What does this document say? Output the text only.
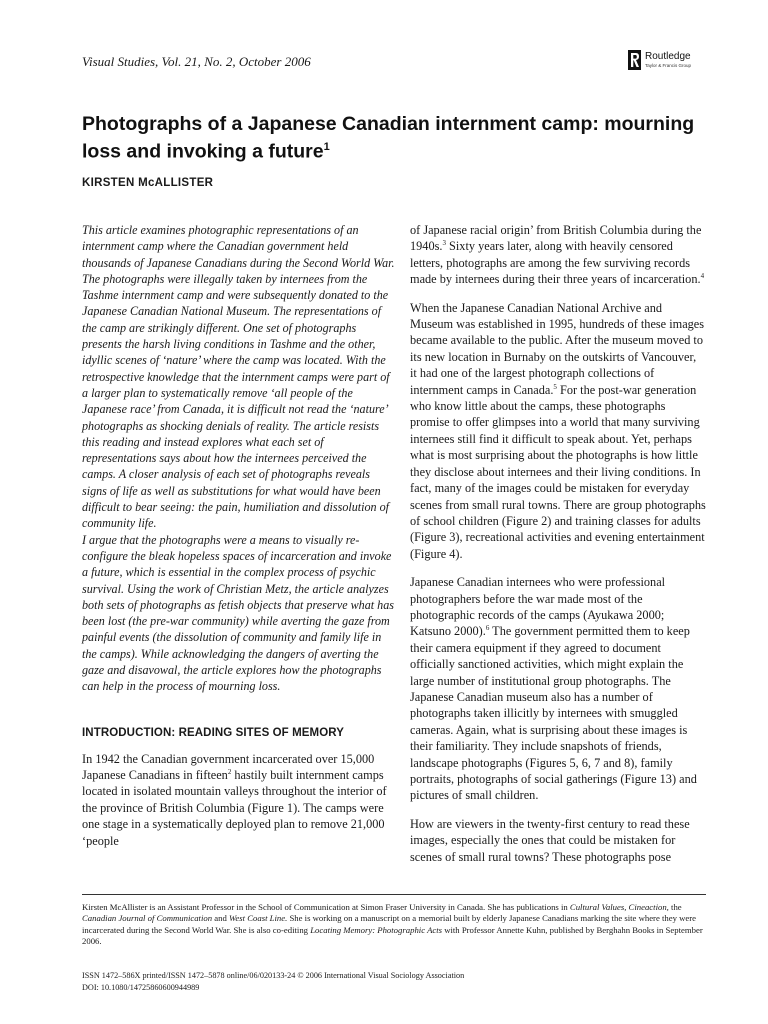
Visual Studies, Vol. 21, No. 2, October 2006	Routledge
Taylor & Francis Group
Photographs of a Japanese Canadian internment camp: mourning loss and invoking a future$^1$
KIRSTEN McALLISTER

This article examines photographic representations of an internment camp where the Canadian government held thousands of Japanese Canadians during the Second World War. The photographs were illegally taken by internees from the Tashme internment camp and were subsequently donated to the Japanese Canadian National Museum. The representations of the camp are strikingly different. One set of photographs presents the harsh living conditions in Tashme and the other, idyllic scenes of ‘nature’ where the camp was located. With the retrospective knowledge that the internment camps were part of a larger plan to systematically remove ‘all people of the Japanese race’ from Canada, it is difficult not read the ‘nature’ photographs as shocking denials of reality. The article resists this reading and instead explores what each set of representations says about how the internees perceived the camps. A closer analysis of each set of photographs reveals signs of life as well as substitutions for what would have been difficult to bear seeing: the pain, humiliation and dissolution of community life.

I argue that the photographs were a means to visually re-configure the bleak hopeless spaces of incarceration and invoke a future, which is essential in the complex process of psychic survival. Using the work of Christian Metz, the article analyzes both sets of photographs as fetish objects that preserve what has been lost (the pre-war community) while averting the gaze from painful events (the dissolution of community and family life in the camps). While acknowledging the dangers of averting the gaze and disavowal, the article explores how the photographs can help in the process of mourning loss.

INTRODUCTION: READING SITES OF MEMORY

In 1942 the Canadian government incarcerated over 15,000 Japanese Canadians in fifteen$^2$ hastily built internment camps located in isolated mountain valleys throughout the interior of the province of British Columbia (Figure 1). The camps were one stage in a systematically deployed plan to remove 21,000 ‘people

of Japanese racial origin’ from British Columbia during the 1940s.$^3$ Sixty years later, along with heavily censored letters, photographs are among the few surviving records made by internees during their three years of incarceration.$^4$

When the Japanese Canadian National Archive and Museum was established in 1995, hundreds of these images became available to the public. After the museum moved to its new location in Burnaby on the outskirts of Vancouver, it had one of the largest photograph collections of internment camps in Canada.$^5$ For the post-war generation who know little about the camps, these photographs promise to offer glimpses into a world that many surviving internees still find it difficult to speak about. Yet, perhaps what is most surprising about the photographs is how little they disclose about internees and their living conditions. In fact, many of the images could be mistaken for everyday scenes from small rural towns. There are group photographs of school children (Figure 2) and training classes for adults (Figure 3), recreational activities and evening entertainment (Figure 4).

Japanese Canadian internees who were professional photographers before the war made most of the photographic records of the camps (Ayukawa 2000; Katsuno 2000).$^6$ The government permitted them to keep their camera equipment if they agreed to document officially sanctioned activities, which might explain the large number of institutional group photographs. The Japanese Canadian museum also has a number of photographs taken illicitly by internees with smuggled cameras. Again, what is surprising about these images is their familiarity. They include snapshots of friends, landscape photographs (Figures 5, 6, 7 and 8), family portraits, photographs of social gatherings (Figure 13) and pictures of small children.

How are viewers in the twenty-first century to read these images, especially the ones that could be mistaken for scenes of small rural towns? These photographs pose

Kirsten McAllister is an Assistant Professor in the School of Communication at Simon Fraser University in Canada. She has publications in Cultural Values, Cineaction, the Canadian Journal of Communication and West Coast Line. She is working on a manuscript on a memorial built by elderly Japanese Canadians marking the site where they were incarcerated during the Second World War. She is also co-editing Locating Memory: Photographic Acts with Professor Annette Kuhn, published by Berghahn Books in September 2006.
ISSN 1472–586X printed/ISSN 1472–5878 online/06/020133-24 © 2006 International Visual Sociology Association
DOI: 10.1080/14725860600944989
